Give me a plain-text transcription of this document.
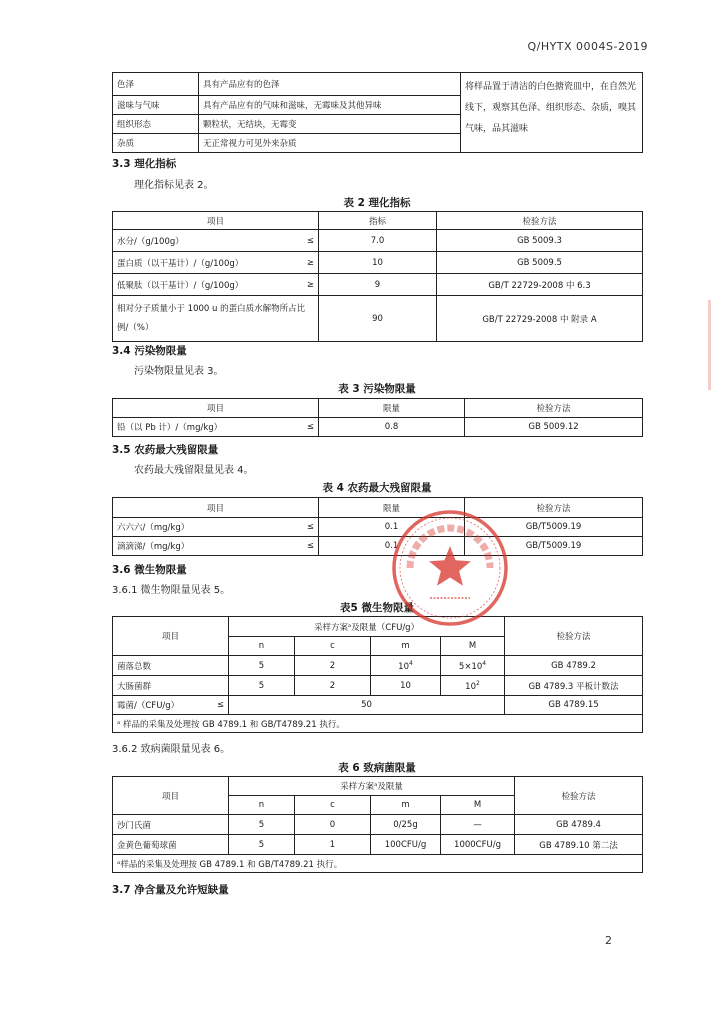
Q/HYTX 0004S-2019
色泽	具有产品应有的色泽	将样品置于清洁的白色搪瓷皿中，在自然光线下，观察其色泽、组织形态、杂质，嗅其气味，品其滋味
滋味与气味	具有产品应有的气味和滋味，无霉味及其他异味	
组织形态	颗粒状，无结块，无霉变	
杂质	无正常视力可见外来杂质	
3.3 理化指标
理化指标见表 2。
表 2 理化指标
项目	指标	检验方法

水分/（g/100g） ≤	7.0	GB 5009.3

蛋白质（以干基计）/（g/100g） ≥	10	GB 5009.5

低聚肽（以干基计）/（g/100g） ≥	9	GB/T 22729-2008 中 6.3
相对分子质量小于 1000 u 的蛋白质水解物所占比例/（%）	90	GB/T 22729-2008 中 附录 A
3.4 污染物限量
污染物限量见表 3。
表 3 污染物限量
项目	限量	检验方法

铅（以 Pb 计）/（mg/kg） ≤	0.8	GB 5009.12
3.5 农药最大残留限量
农药最大残留限量见表 4。
表 4 农药最大残留限量
项目	限量	检验方法

六六六/（mg/kg） ≤	0.1	GB/T5009.19

滴滴涕/（mg/kg） ≤	0.1	GB/T5009.19
3.6 微生物限量
3.6.1 微生物限量见表 5。
表5 微生物限量
项目	采样方案ᵃ及限量（CFU/g）				检验方法
	n	c	m	M	
菌落总数	5	2	$10^4$	$5\times 10^4$	GB 4789.2
大肠菌群	5	2	10	$10^2$	GB 4789.3 平板计数法

霉菌/（CFU/g） ≤	50				GB 4789.15
ᵃ 样品的采集及处理按 GB 4789.1 和 GB/T4789.21 执行。					
3.6.2 致病菌限量见表 6。
表 6 致病菌限量
项目	采样方案ᵃ及限量				检验方法
	n	c	m	M	
沙门氏菌	5	0	0/25g	—	GB 4789.4
金黄色葡萄球菌	5	1	100CFU/g	1000CFU/g	GB 4789.10 第二法
ᵃ样品的采集及处理按 GB 4789.1 和 GB/T4789.21 执行。					
3.7 净含量及允许短缺量
2
